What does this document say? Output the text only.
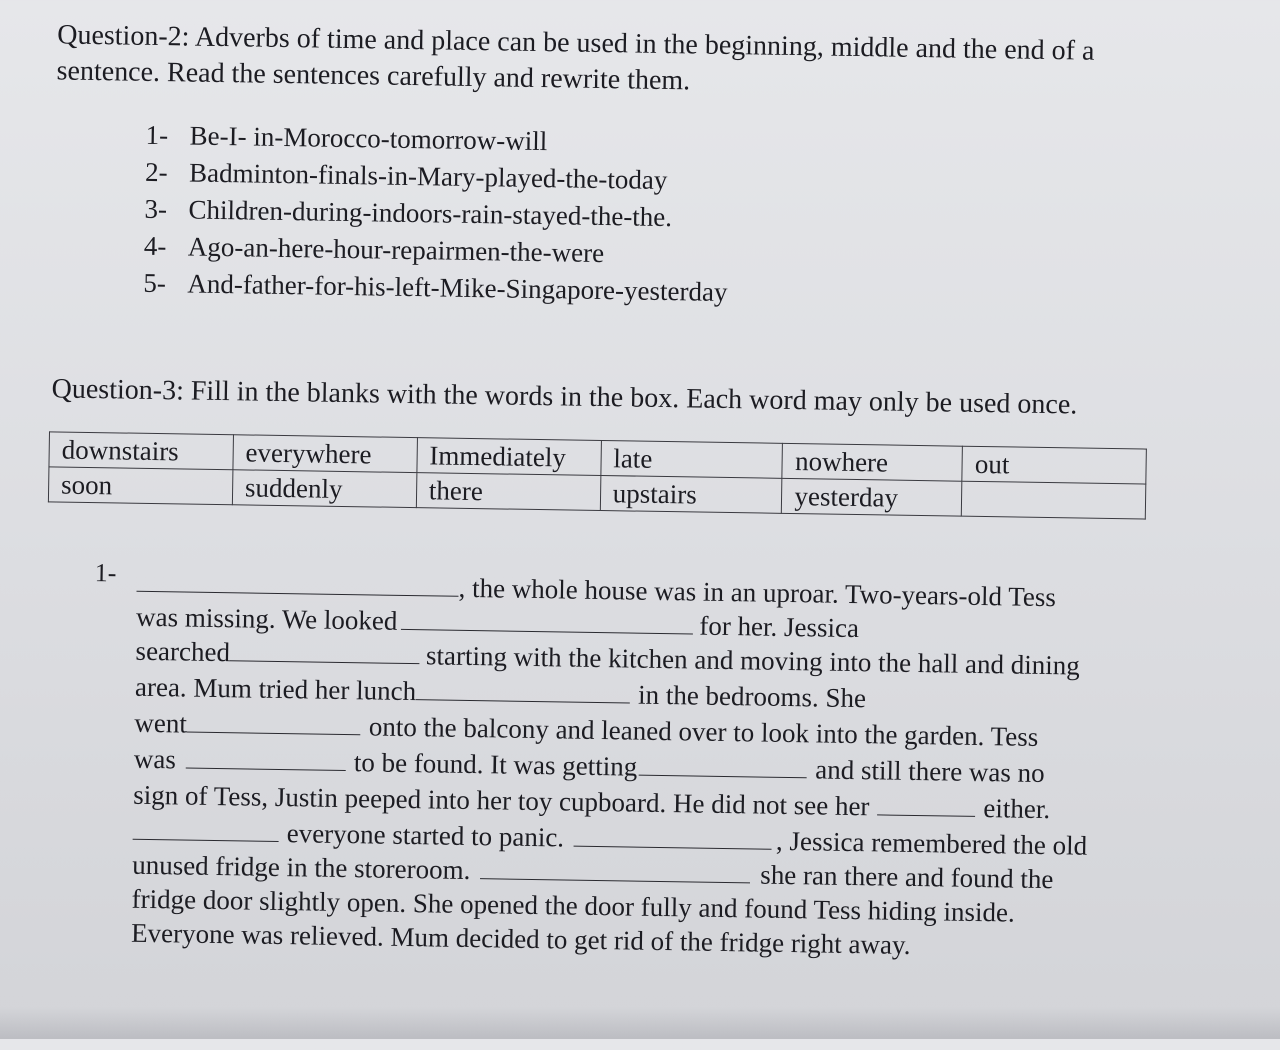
Question-2: Adverbs of time and place can be used in the beginning, middle and the end of a
sentence. Read the sentences carefully and rewrite them.

1- Be-I- in-Morocco-tomorrow-will
2- Badminton-finals-in-Mary-played-the-today
3- Children-during-indoors-rain-stayed-the-the.
4- Ago-an-here-hour-repairmen-the-were
5- And-father-for-his-left-Mike-Singapore-yesterday

Question-3: Fill in the blanks with the words in the box. Each word may only be used once.

downstairs	everywhere	Immediately	late	nowhere	out
soon	suddenly	there	upstairs	yesterday	
1-
, the whole house was in an uproar. Two-years-old Tess
was missing. We looked	for her. Jessica
searched	starting with the kitchen and moving into the hall and dining
area. Mum tried her lunch	in the bedrooms. She
went	onto the balcony and leaned over to look into the garden. Tess
was	to be found. It was getting	and still there was no
sign of Tess, Justin peeped into her toy cupboard. He did not see her	either.
everyone started to panic.	, Jessica remembered the old
unused fridge in the storeroom.	she ran there and found the
fridge door slightly open. She opened the door fully and found Tess hiding inside.
Everyone was relieved. Mum decided to get rid of the fridge right away.
